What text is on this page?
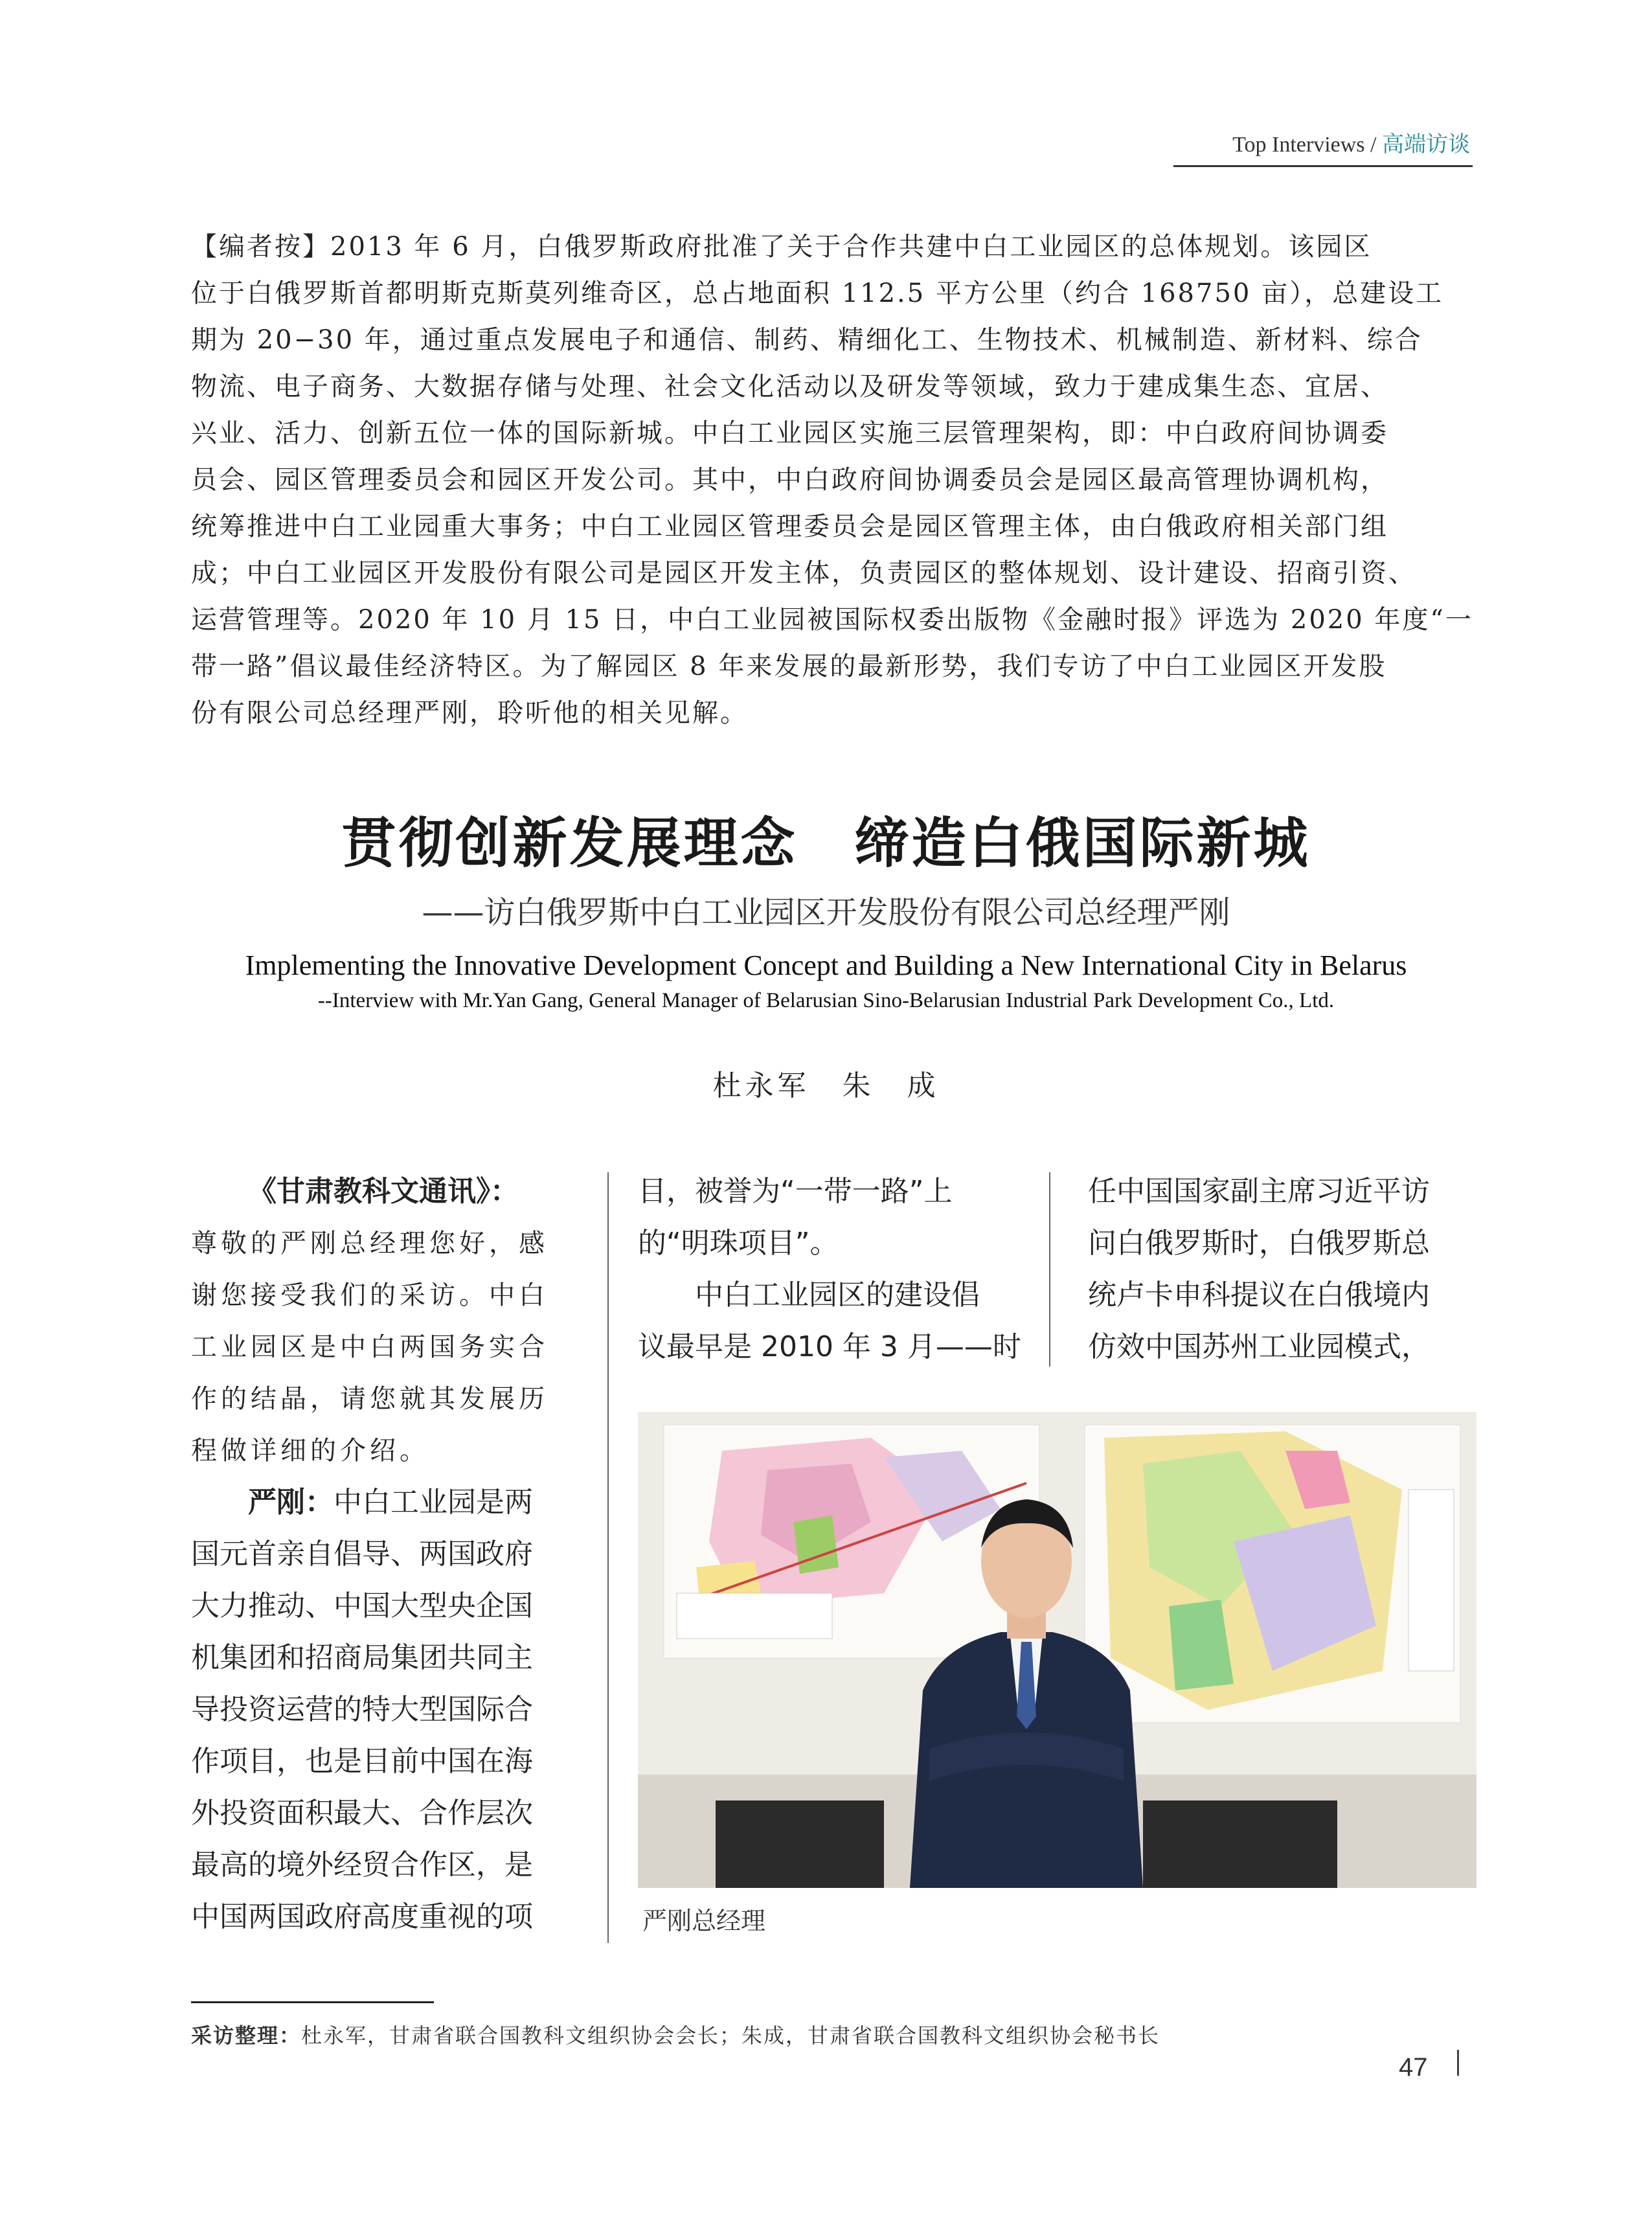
Top Interviews / 高端访谈
【编者按】2013 年 6 月，白俄罗斯政府批准了关于合作共建中白工业园区的总体规划。该园区
位于白俄罗斯首都明斯克斯莫列维奇区，总占地面积 112.5 平方公里（约合 168750 亩），总建设工
期为 20−30 年，通过重点发展电子和通信、制药、精细化工、生物技术、机械制造、新材料、综合
物流、电子商务、大数据存储与处理、社会文化活动以及研发等领域，致力于建成集生态、宜居、
兴业、活力、创新五位一体的国际新城。中白工业园区实施三层管理架构，即：中白政府间协调委
员会、园区管理委员会和园区开发公司。其中，中白政府间协调委员会是园区最高管理协调机构，
统筹推进中白工业园重大事务；中白工业园区管理委员会是园区管理主体，由白俄政府相关部门组
成；中白工业园区开发股份有限公司是园区开发主体，负责园区的整体规划、设计建设、招商引资、
运营管理等。2020 年 10 月 15 日，中白工业园被国际权委出版物《金融时报》评选为 2020 年度“一
带一路”倡议最佳经济特区。为了解园区 8 年来发展的最新形势，我们专访了中白工业园区开发股
份有限公司总经理严刚，聆听他的相关见解。
贯彻创新发展理念　缔造白俄国际新城
——访白俄罗斯中白工业园区开发股份有限公司总经理严刚
Implementing the Innovative Development Concept and Building a New International City in Belarus
--Interview with Mr.Yan Gang, General Manager of Belarusian Sino-Belarusian Industrial Park Development Co., Ltd.
杜永军　朱　成
《甘肃教科文通讯》：
尊敬的严刚总经理您好，感
谢您接受我们的采访。中白
工业园区是中白两国务实合
作的结晶，请您就其发展历
程做详细的介绍。
严刚：中白工业园是两
国元首亲自倡导、两国政府
大力推动、中国大型央企国
机集团和招商局集团共同主
导投资运营的特大型国际合
作项目，也是目前中国在海
外投资面积最大、合作层次
最高的境外经贸合作区，是
中国两国政府高度重视的项
目，被誉为“一带一路”上
的“明珠项目”。
　　中白工业园区的建设倡
议最早是 2010 年 3 月——时
任中国国家副主席习近平访
问白俄罗斯时，白俄罗斯总
统卢卡申科提议在白俄境内
仿效中国苏州工业园模式，
严刚总经理
采访整理：杜永军，甘肃省联合国教科文组织协会会长；朱成，甘肃省联合国教科文组织协会秘书长
47
